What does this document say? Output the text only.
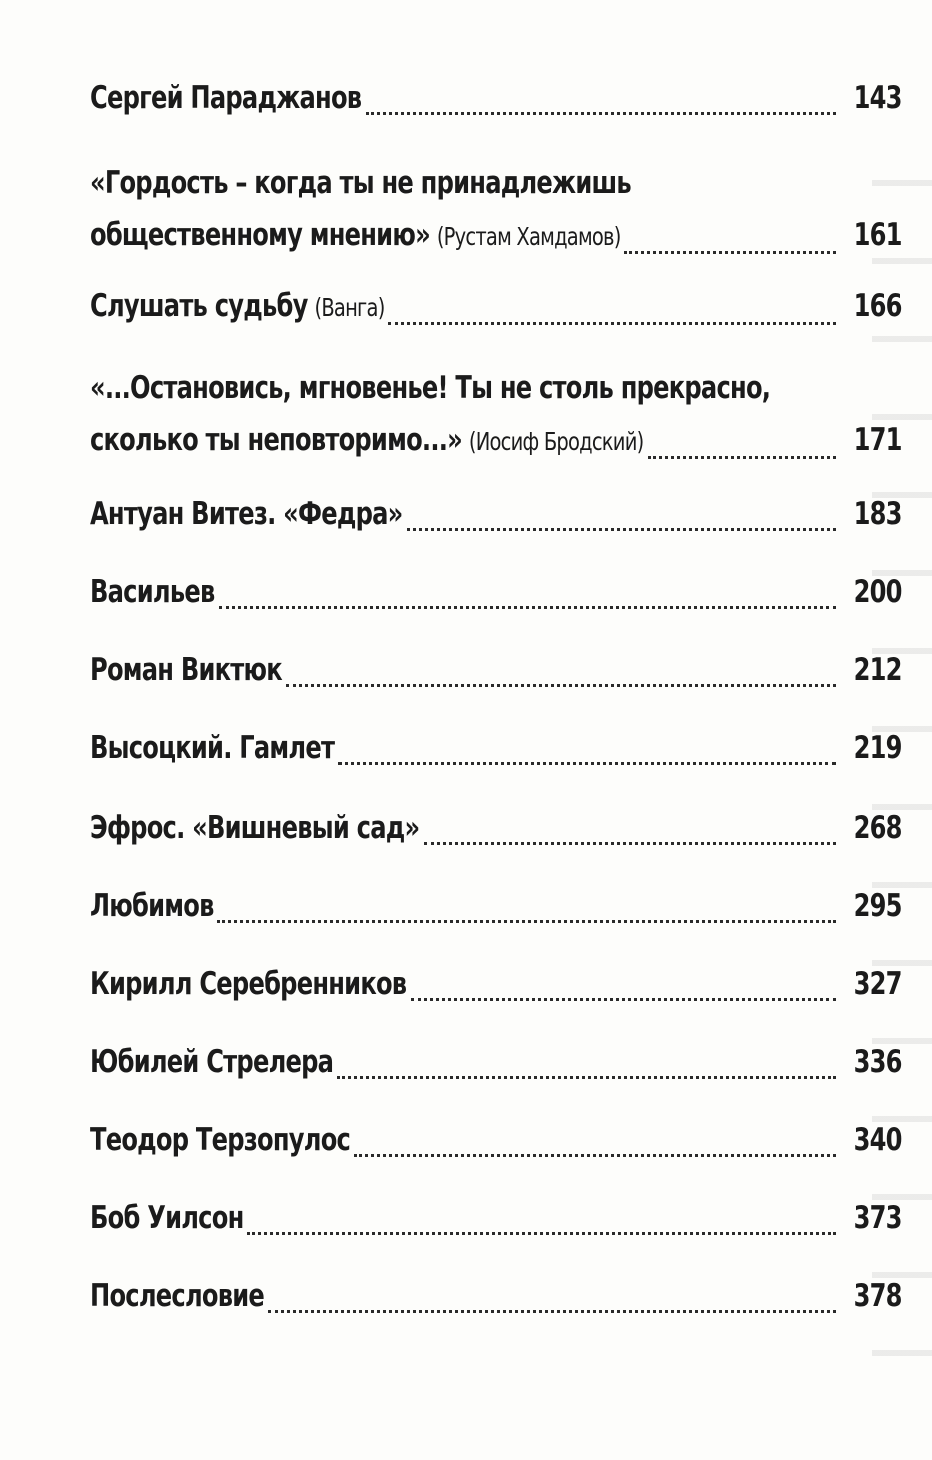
Сергей Параджанов	143
«Гордость – когда ты не принадлежишь
общественному мнению» (Рустам Хамдамов)	161
Слушать судьбу (Ванга)	166
«...Остановись, мгновенье! Ты не столь прекрасно,
сколько ты неповторимо...» (Иосиф Бродский)	171
Антуан Витез. «Федра»	183
Васильев	200
Роман Виктюк	212
Высоцкий. Гамлет	219
Эфрос. «Вишневый сад»	268
Любимов	295
Кирилл Серебренников	327
Юбилей Стрелера	336
Теодор Терзопулос	340
Боб Уилсон	373
Послесловие	378
